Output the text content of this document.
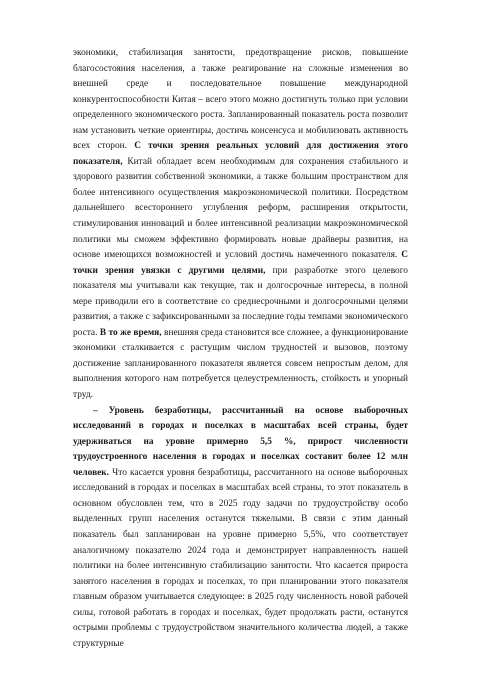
экономики, стабилизация занятости, предотвращение рисков, повышение благосостояния населения, а также реагирование на сложные изменения во внешней среде и последовательное повышение международной конкурентоспособности Китая – всего этого можно достигнуть только при условии определенного экономического роста. Запланированный показатель роста позволит нам установить четкие ориентиры, достичь консенсуса и мобилизовать активность всех сторон. С точки зрения реальных условий для достижения этого показателя, Китай обладает всем необходимым для сохранения стабильного и здорового развития собственной экономики, а также большим пространством для более интенсивного осуществления макроэкономической политики. Посредством дальнейшего всестороннего углубления реформ, расширения открытости, стимулирования инноваций и более интенсивной реализации макроэкономической политики мы сможем эффективно формировать новые драйверы развития, на основе имеющихся возможностей и условий достичь намеченного показателя. С точки зрения увязки с другими целями, при разработке этого целевого показателя мы учитывали как текущие, так и долгосрочные интересы, в полной мере приводили его в соответствие со среднесрочными и долгосрочными целями развития, а также с зафиксированными за последние годы темпами экономического роста. В то же время, внешняя среда становится все сложнее, а функционирование экономики сталкивается с растущим числом трудностей и вызовов, поэтому достижение запланированного показателя является совсем непростым делом, для выполнения которого нам потребуется целеустремленность, стойкость и упорный труд.

– Уровень безработицы, рассчитанный на основе выборочных исследований в городах и поселках в масштабах всей страны, будет удерживаться на уровне примерно 5,5 %, прирост численности трудоустроенного населения в городах и поселках составит более 12 млн человек. Что касается уровня безработицы, рассчитанного на основе выборочных исследований в городах и поселках в масштабах всей страны, то этот показатель в основном обусловлен тем, что в 2025 году задачи по трудоустройству особо выделенных групп населения останутся тяжелыми. В связи с этим данный показатель был запланирован на уровне примерно 5,5%, что соответствует аналогичному показателю 2024 года и демонстрирует направленность нашей политики на более интенсивную стабилизацию занятости. Что касается прироста занятого населения в городах и поселках, то при планировании этого показателя главным образом учитывается следующее: в 2025 году численность новой рабочей силы, готовой работать в городах и поселках, будет продолжать расти, останутся острыми проблемы с трудоустройством значительного количества людей, а также структурные
